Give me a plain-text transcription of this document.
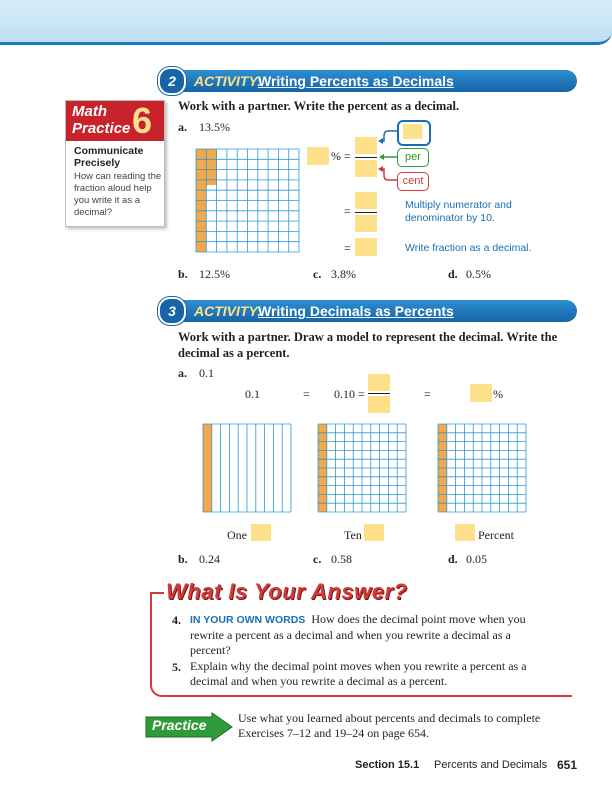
2	ACTIVITY:
Writing Percents as Decimals
Work with a partner. Write the percent as a decimal.
a. 13.5%
Math
Practice 6
Communicate Precisely
How can reading the fraction aloud help you write it as a decimal?
% =	per
cent
=	Multiply numerator and denominator by 10.
=	Write fraction as a decimal.
b. 12.5%	c. 3.8%	d. 0.5%
3	ACTIVITY:
Writing Decimals as Percents
Work with a partner. Draw a model to represent the decimal. Write the decimal as a percent.
a. 0.1
0.1	= 0.10 =	=	%
One	Ten	Percent
b. 0.24	c. 0.58	d. 0.05
What Is Your Answer?
4. IN YOUR OWN WORDS How does the decimal point move when you rewrite a percent as a decimal and when you rewrite a decimal as a percent?
5. Explain why the decimal point moves when you rewrite a percent as a decimal and when you rewrite a decimal as a percent.
Practice	Use what you learned about percents and decimals to complete Exercises 7–12 and 19–24 on page 654.
Section 15.1 Percents and Decimals 651
